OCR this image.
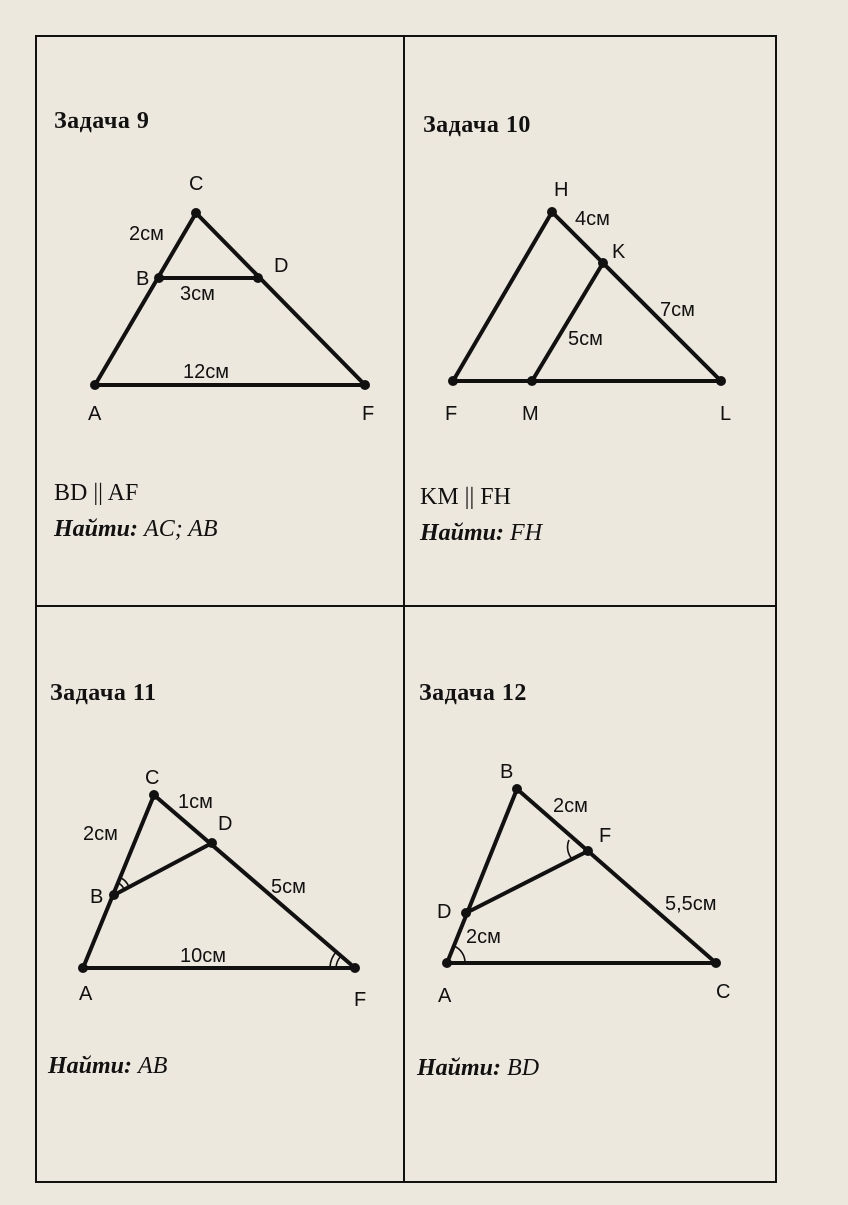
A
B
C
D
F
2см
3см
12см
H
K
F	M	L
4см
7см
5см
C
D
B
A	F
1см
2см
5см
10см
B
F
D
A	C
2см
5,5см
2см
Задача 9	Задача 10
Задача 11	Задача 12
BD || AF
Найти: AC; AB
KM || FH
Найти: FH
Найти: AB	Найти: BD
